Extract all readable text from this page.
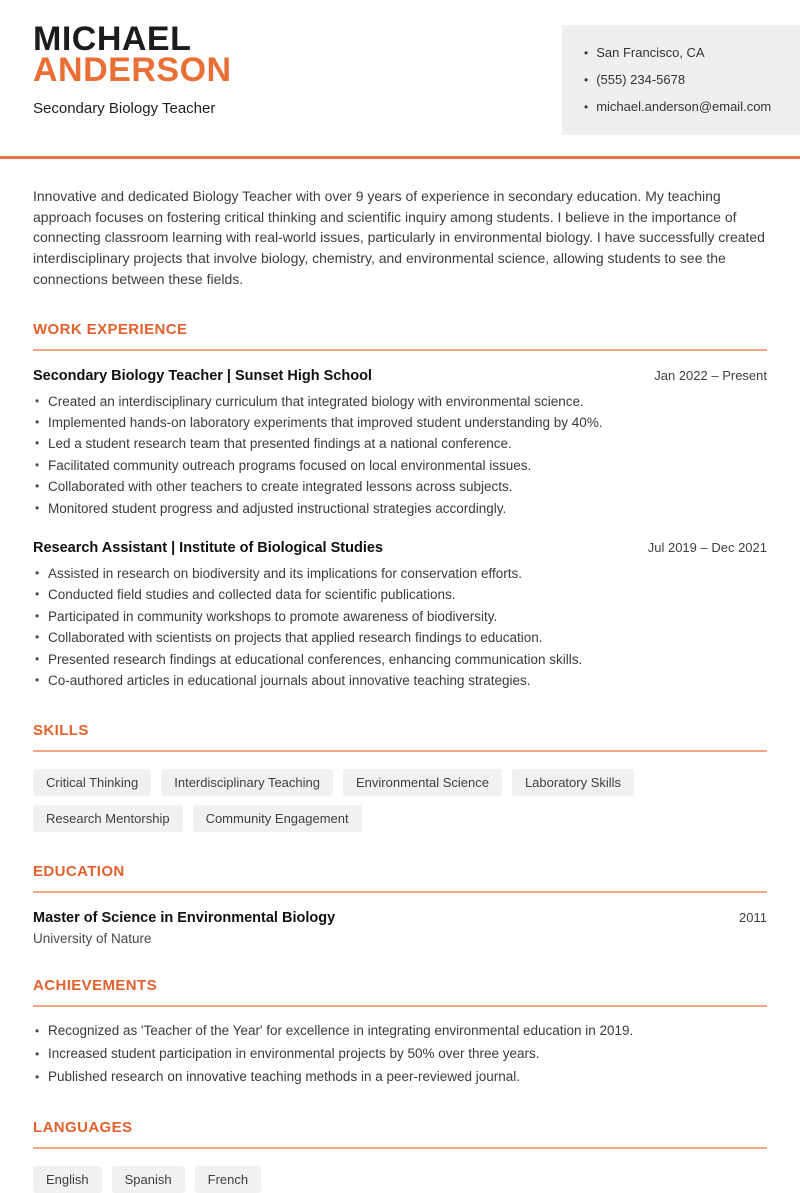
MICHAEL
ANDERSON
Secondary Biology Teacher
• San Francisco, CA
• (555) 234-5678
• michael.anderson@email.com

Innovative and dedicated Biology Teacher with over 9 years of experience in secondary education. My teaching approach focuses on fostering critical thinking and scientific inquiry among students. I believe in the importance of connecting classroom learning with real-world issues, particularly in environmental biology. I have successfully created interdisciplinary projects that involve biology, chemistry, and environmental science, allowing students to see the connections between these fields.

WORK EXPERIENCE
Secondary Biology Teacher | Sunset High School	Jan 2022 – Present
• Created an interdisciplinary curriculum that integrated biology with environmental science.
• Implemented hands-on laboratory experiments that improved student understanding by 40%.
• Led a student research team that presented findings at a national conference.
• Facilitated community outreach programs focused on local environmental issues.
• Collaborated with other teachers to create integrated lessons across subjects.
• Monitored student progress and adjusted instructional strategies accordingly.
Research Assistant | Institute of Biological Studies	Jul 2019 – Dec 2021
• Assisted in research on biodiversity and its implications for conservation efforts.
• Conducted field studies and collected data for scientific publications.
• Participated in community workshops to promote awareness of biodiversity.
• Collaborated with scientists on projects that applied research findings to education.
• Presented research findings at educational conferences, enhancing communication skills.
• Co-authored articles in educational journals about innovative teaching strategies.
SKILLS
Critical Thinking	Interdisciplinary Teaching	Environmental Science	Laboratory Skills
Research Mentorship	Community Engagement
EDUCATION
Master of Science in Environmental Biology	2011
University of Nature
ACHIEVEMENTS
• Recognized as 'Teacher of the Year' for excellence in integrating environmental education in 2019.
• Increased student participation in environmental projects by 50% over three years.
• Published research on innovative teaching methods in a peer-reviewed journal.
LANGUAGES
English	Spanish	French
